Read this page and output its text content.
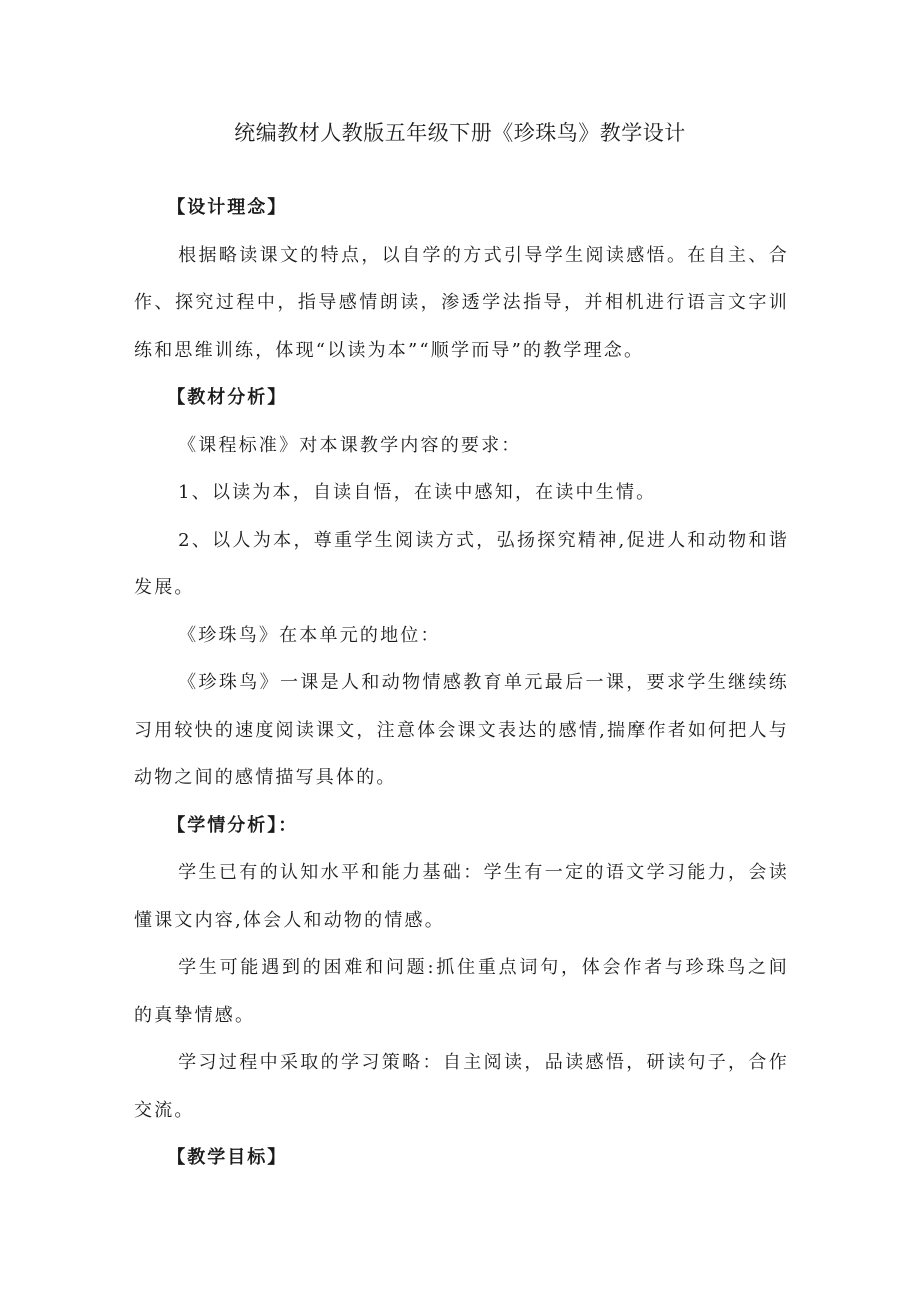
统编教材人教版五年级下册《珍珠鸟》教学设计

【设计理念】

根据略读课文的特点，以自学的方式引导学生阅读感悟。在自主、合作、探究过程中，指导感情朗读，渗透学法指导，并相机进行语言文字训练和思维训练，体现“以读为本”“顺学而导”的教学理念。

【教材分析】

《课程标准》对本课教学内容的要求：

1、以读为本，自读自悟，在读中感知，在读中生情。

2、以人为本，尊重学生阅读方式，弘扬探究精神,促进人和动物和谐发展。

《珍珠鸟》在本单元的地位：

《珍珠鸟》一课是人和动物情感教育单元最后一课，要求学生继续练习用较快的速度阅读课文，注意体会课文表达的感情,揣摩作者如何把人与动物之间的感情描写具体的。

【学情分析】：

学生已有的认知水平和能力基础：学生有一定的语文学习能力，会读懂课文内容,体会人和动物的情感。

学生可能遇到的困难和问题:抓住重点词句，体会作者与珍珠鸟之间的真挚情感。

学习过程中采取的学习策略：自主阅读，品读感悟，研读句子，合作交流。

【教学目标】
